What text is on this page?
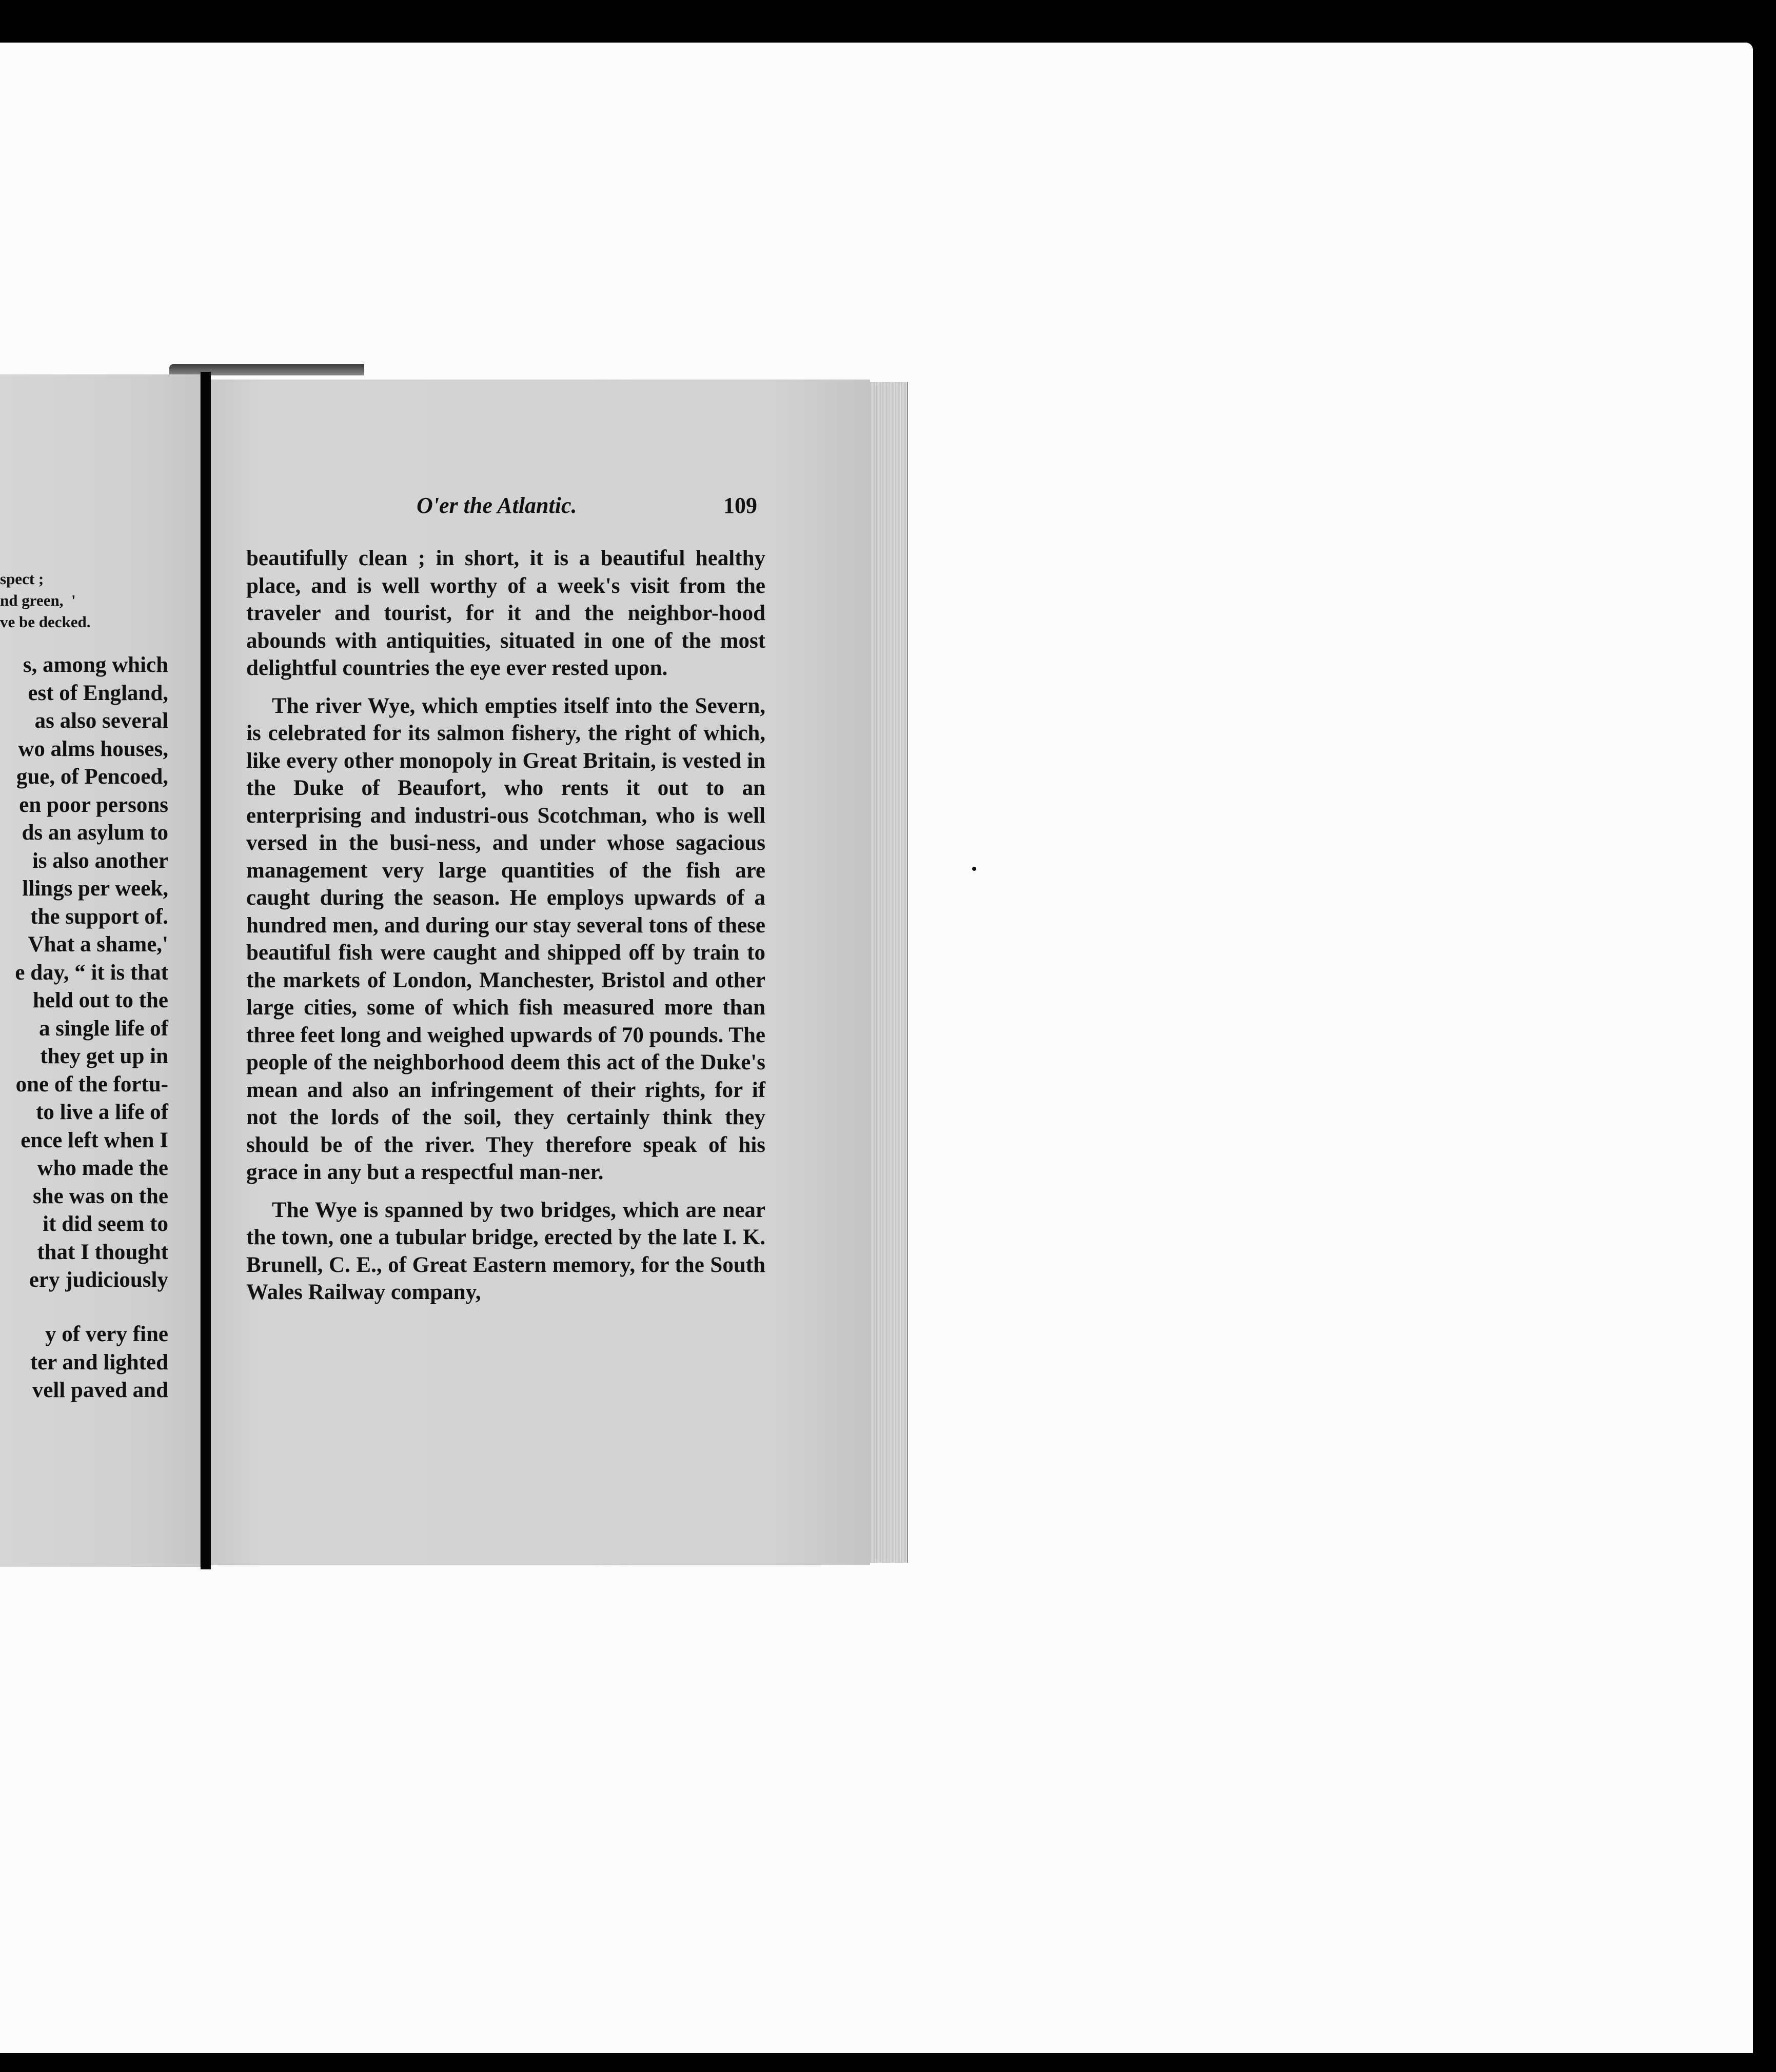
spect ;
nd green,  '
ve be decked.
s, among which
est of England,
as also several
wo alms houses,
gue, of Pencoed,
en poor persons
ds an asylum to
is also another
llings per week,
the support of.
Vhat a shame,'
e day, “ it is that
held out to the
a single life of
they get up in
one of the fortu-
to live a life of
ence left when I
who made the
she was on the
it did seem to
that I thought
ery judiciously
y of very fine
ter and lighted
vell paved and
O'er the Atlantic.	109

beautifully clean ; in short, it is a beautiful healthy place, and is well worthy of a week's visit from the traveler and tourist, for it and the neighbor-hood abounds with antiquities, situated in one of the most delightful countries the eye ever rested upon.

The river Wye, which empties itself into the Severn, is celebrated for its salmon fishery, the right of which, like every other monopoly in Great Britain, is vested in the Duke of Beaufort, who rents it out to an enterprising and industri-ous Scotchman, who is well versed in the busi-ness, and under whose sagacious management very large quantities of the fish are caught during the season. He employs upwards of a hundred men, and during our stay several tons of these beautiful fish were caught and shipped off by train to the markets of London, Manchester, Bristol and other large cities, some of which fish measured more than three feet long and weighed upwards of 70 pounds. The people of the neighborhood deem this act of the Duke's mean and also an infringement of their rights, for if not the lords of the soil, they certainly think they should be of the river. They therefore speak of his grace in any but a respectful man-ner.

The Wye is spanned by two bridges, which are near the town, one a tubular bridge, erected by the late I. K. Brunell, C. E., of Great Eastern memory, for the South Wales Railway company,
